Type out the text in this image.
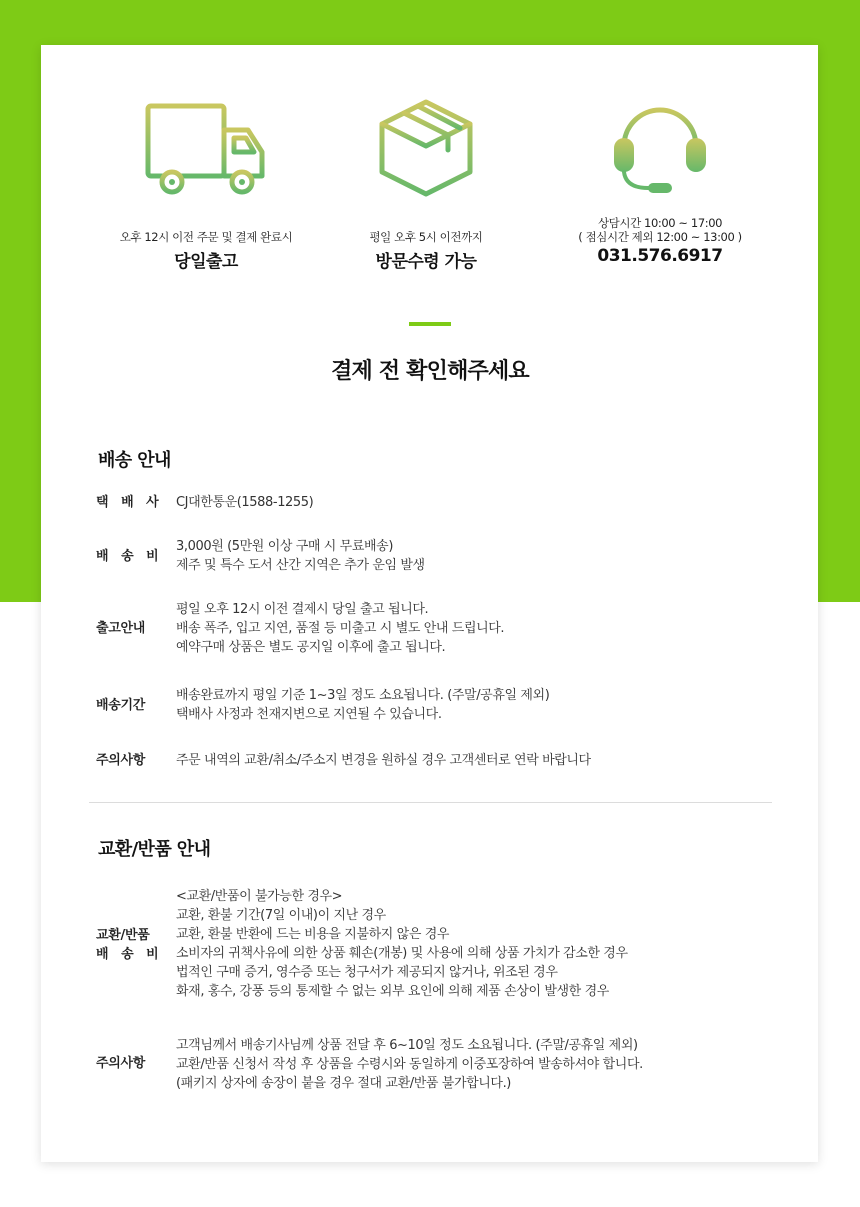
오후 12시 이전 주문 및 결제 완료시
당일출고
평일 오후 5시 이전까지
방문수령 가능
상담시간 10:00 ~ 17:00
( 점심시간 제외 12:00 ~ 13:00 )
031.576.6917
결제 전 확인해주세요
배송 안내
택 배 사 CJ대한통운(1588-1255)
배 송 비
3,000원 (5만원 이상 구매 시 무료배송)
제주 및 특수 도서 산간 지역은 추가 운임 발생
출고안내
평일 오후 12시 이전 결제시 당일 출고 됩니다.
배송 폭주, 입고 지연, 품절 등 미출고 시 별도 안내 드립니다.
예약구매 상품은 별도 공지일 이후에 출고 됩니다.
배송기간
배송완료까지 평일 기준 1~3일 정도 소요됩니다. (주말/공휴일 제외)
택배사 사정과 천재지변으로 지연될 수 있습니다.
주의사항	주문 내역의 교환/취소/주소지 변경을 원하실 경우 고객센터로 연락 바랍니다
교환/반품 안내
교환/반품
배 송 비
<교환/반품이 불가능한 경우>
교환, 환불 기간(7일 이내)이 지난 경우
교환, 환불 반환에 드는 비용을 지불하지 않은 경우
소비자의 귀책사유에 의한 상품 훼손(개봉) 및 사용에 의해 상품 가치가 감소한 경우
법적인 구매 증거, 영수증 또는 청구서가 제공되지 않거나, 위조된 경우
화재, 홍수, 강풍 등의 통제할 수 없는 외부 요인에 의해 제품 손상이 발생한 경우
주의사항
고객님께서 배송기사님께 상품 전달 후 6~10일 정도 소요됩니다. (주말/공휴일 제외)
교환/반품 신청서 작성 후 상품을 수령시와 동일하게 이중포장하여 발송하셔야 합니다.
(패키지 상자에 송장이 붙을 경우 절대 교환/반품 불가합니다.)
